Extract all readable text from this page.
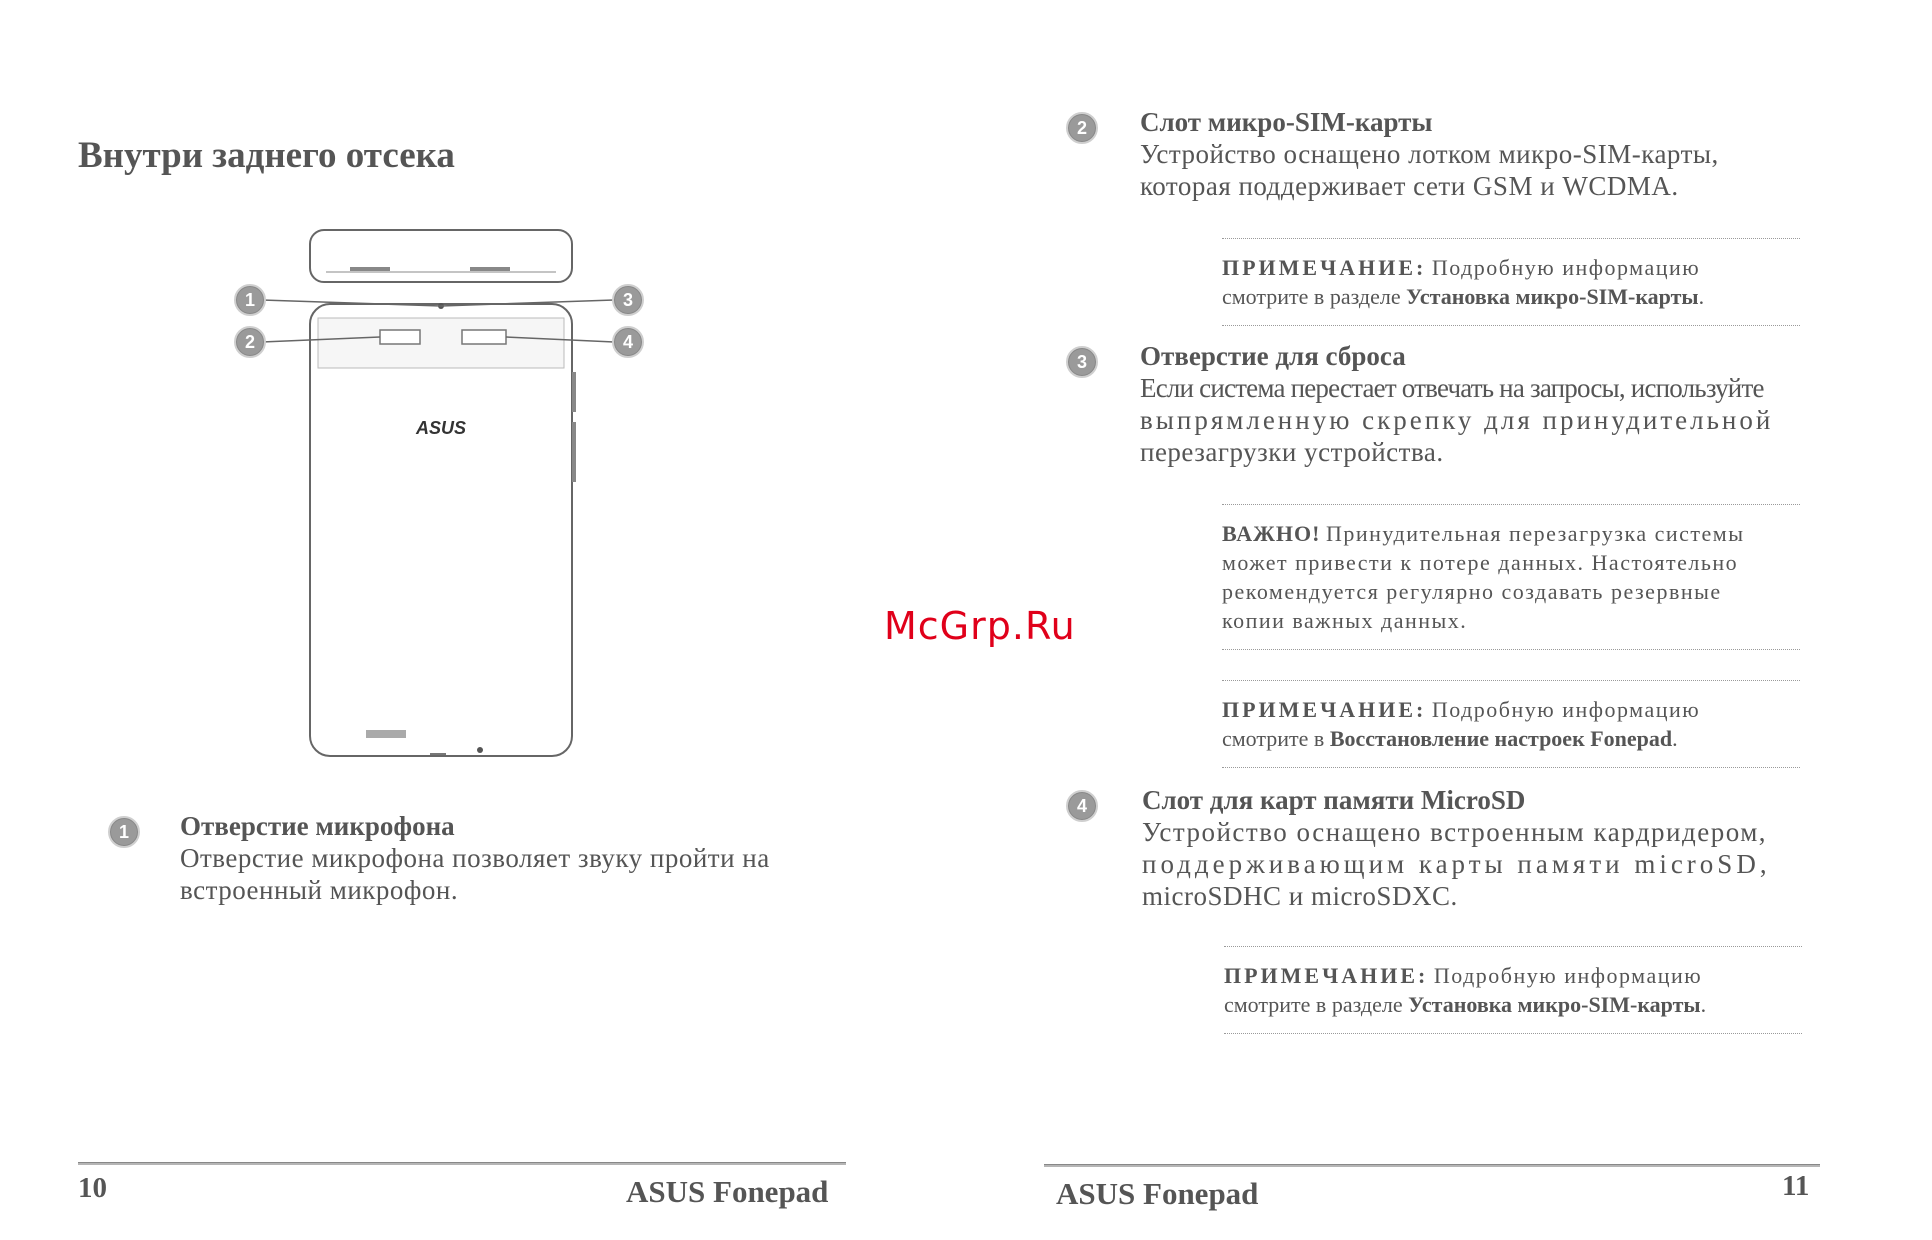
Внутри заднего отсека
ASUS
1
2
3
4
1	Отверстие микрофона
Отверстие микрофона позволяет звуку пройти на
встроенный микрофон.
10	ASUS Fonepad
2	Слот микро-SIM-карты
Устройство оснащено лотком микро-SIM-карты,
которая поддерживает сети GSM и WCDMA.
ПРИМЕЧАНИЕ: Подробную информацию
смотрите в разделе Установка микро-SIM-карты.
3	Отверстие для сброса
Если система перестает отвечать на запросы, используйте
выпрямленную скрепку для принудительной
перезагрузки устройства.
ВАЖНО! Принудительная перезагрузка системы
может привести к потере данных. Настоятельно
рекомендуется регулярно создавать резервные
копии важных данных.
ПРИМЕЧАНИЕ: Подробную информацию
смотрите в Восстановление настроек Fonepad.
4	Слот для карт памяти MicroSD
Устройство оснащено встроенным кардридером,
поддерживающим карты памяти microSD,
microSDHC и microSDXC.
ПРИМЕЧАНИЕ: Подробную информацию
смотрите в разделе Установка микро-SIM-карты.
ASUS Fonepad	11
McGrp.Ru
